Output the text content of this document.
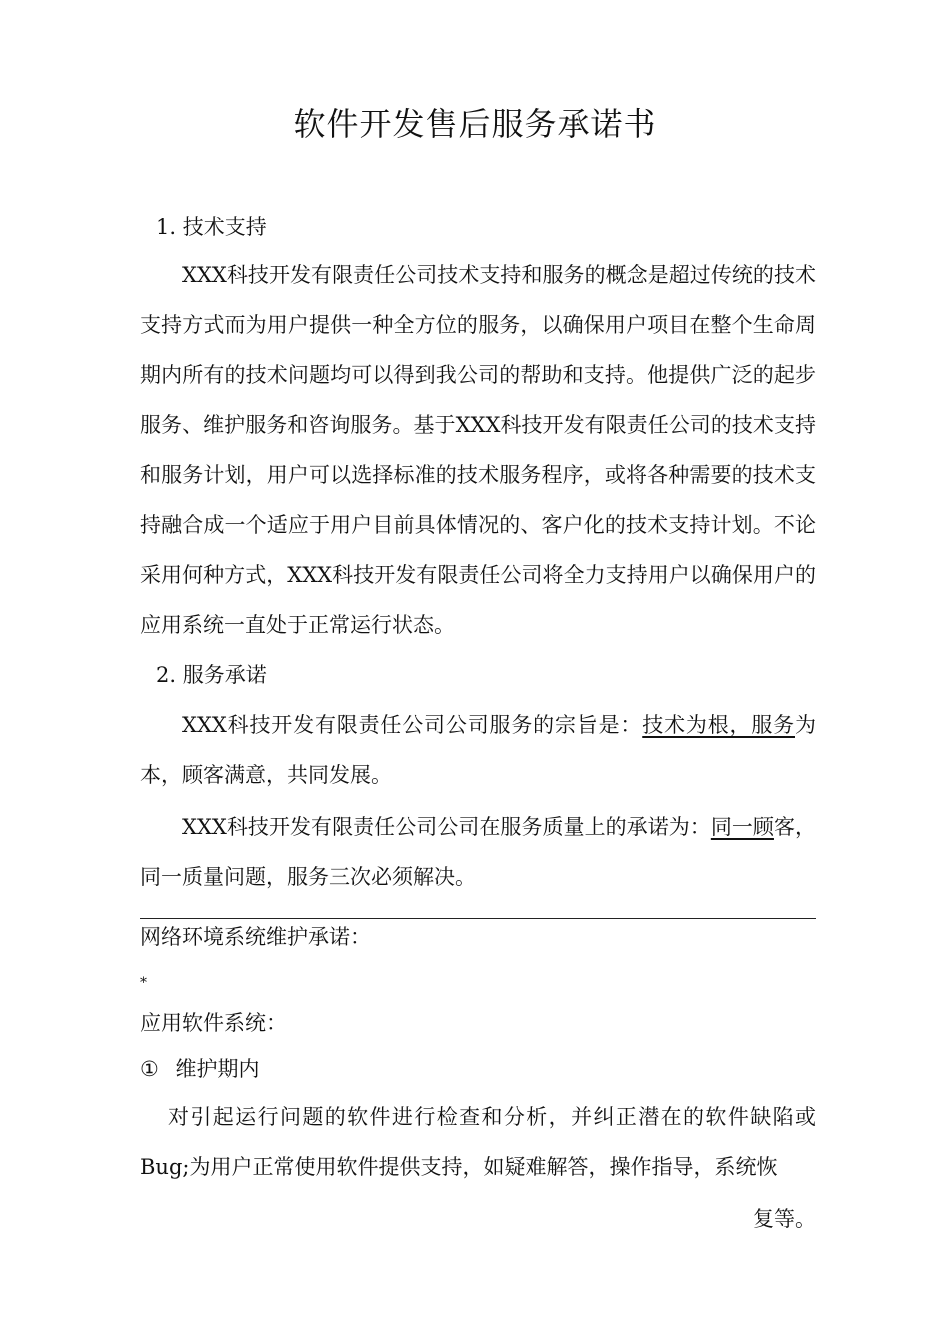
软件开发售后服务承诺书
1. 技术支持

XXX科技开发有限责任公司技术支持和服务的概念是超过传统的技术支持方式而为用户提供一种全方位的服务，以确保用户项目在整个生命周期内所有的技术问题均可以得到我公司的帮助和支持。他提供广泛的起步服务、维护服务和咨询服务。基于XXX科技开发有限责任公司的技术支持和服务计划，用户可以选择标准的技术服务程序，或将各种需要的技术支持融合成一个适应于用户目前具体情况的、客户化的技术支持计划。不论采用何种方式，XXX科技开发有限责任公司将全力支持用户以确保用户的应用系统一直处于正常运行状态。

2. 服务承诺

XXX科技开发有限责任公司公司服务的宗旨是：技术为根，服务为本，顾客满意，共同发展。

XXX科技开发有限责任公司公司在服务质量上的承诺为：同一顾客，同一质量问题，服务三次必须解决。

网络环境系统维护承诺：
*
应用软件系统：
① 维护期内

对引起运行问题的软件进行检查和分析，并纠正潜在的软件缺陷或Bug;为用户正常使用软件提供支持，如疑难解答，操作指导，系统恢

复等。
